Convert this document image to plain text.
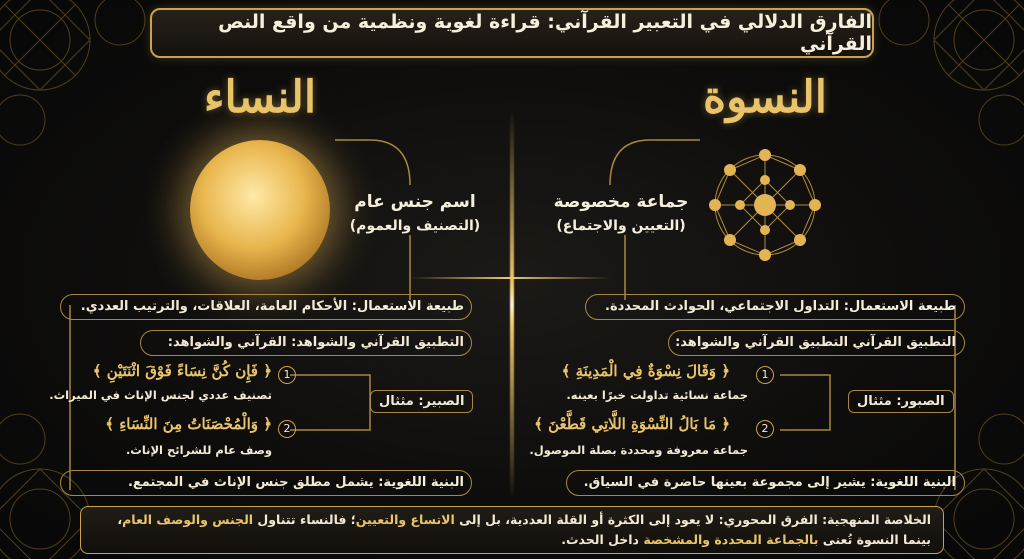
الفارق الدلالي في التعبير القرآني: قراءة لغوية ونظمية من واقع النص القرآني
النسوة
النساء
جماعة مخصوصة
(التعيين والاجتماع)
اسم جنس عام
(التصنيف والعموم)
طبيعة الاستعمال: التداول الاجتماعي، الحوادث المحددة.
التطبيق القرآني التطبيق القرآني والشواهد:
الصبور: مثثال
1
﴿ وَقَالَ نِسْوَةٌ فِي الْمَدِينَةِ ﴾
جماعة نسائية تداولت خبرًا بعينه.
2
﴿ مَا بَالُ النِّسْوَةِ اللَّاتِي قَطَّعْنَ ﴾
جماعة معروفة ومحددة بصلة الموصول.
البنية اللغوية: يشير إلى مجموعة بعينها حاضرة في السياق.
طبيعة الاستعمال: الأحكام العامة، العلاقات، والترتيب العددي.
التطبيق القرآني والشواهد: القرآني والشواهد:
الصبير: مثثال
1
﴿ فَإِن كُنَّ نِسَاءً فَوْقَ اثْنَتَيْنِ ﴾
تصنيف عددي لجنس الإناث في الميراث.
2
﴿ وَالْمُحْصَنَاتُ مِنَ النِّسَاءِ ﴾
وصف عام للشرائح الإناث.
البنية اللغوية: يشمل مطلق جنس الإناث في المجتمع.
الخلاصة المنهجية: الفرق المحوري: لا يعود إلى الكثرة أو القلة العددية، بل إلى الاتساع والتعيين؛ فالنساء تتناول الجنس والوصف العام، بينما النسوة تُعنى بالجماعة المحددة والمشخصة داخل الحدث.
